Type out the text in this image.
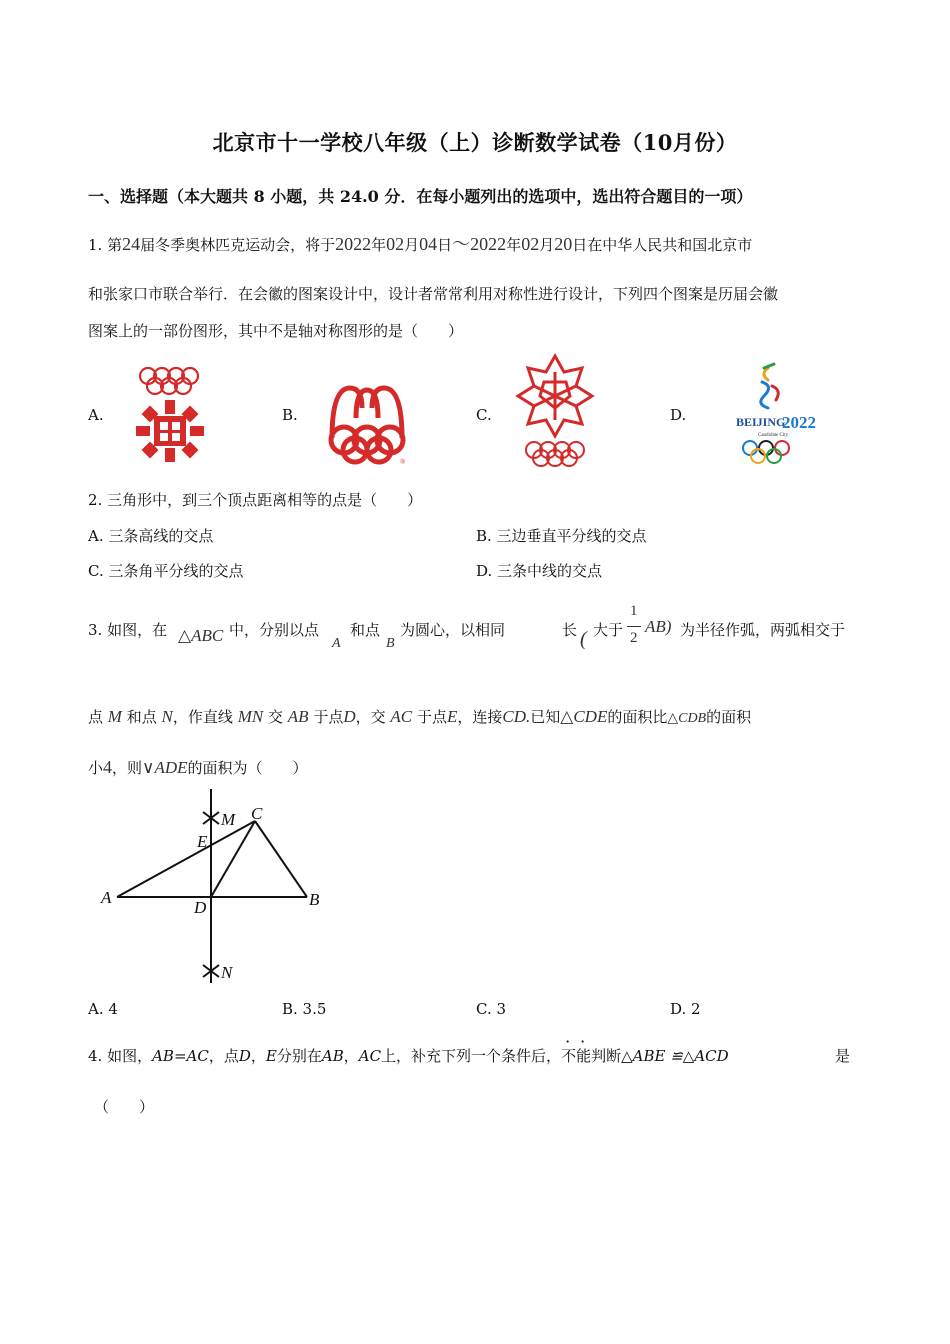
北京市十一学校八年级（上）诊断数学试卷（10月份）
一、选择题（本大题共 8 小题，共 24.0 分．在每小题列出的选项中，选出符合题目的一项）
1. 第24届冬季奥林匹克运动会，将于2022年02月04日～2022年02月20日在中华人民共和国北京市
和张家口市联合举行．在会徽的图案设计中，设计者常常利用对称性进行设计，下列四个图案是历届会徽
图案上的一部份图形，其中不是轴对称图形的是（　　）
A.	B.	C.	D.
®
BEIJING
2022
Candidate City
2. 三角形中，到三个顶点距离相等的点是（　　）
A. 三条高线的交点	B. 三边垂直平分线的交点
C. 三条角平分线的交点	D. 三条中线的交点
3. 如图，在 △ABC 中，分别以点
A
和点
B
为圆心，以相同	长 ( 大于
1
2
AB) 为半径作弧，两弧相交于
点 M 和点 N，作直线 MN 交 AB 于点D，交 AC 于点E，连接CD.已知△CDE的面积比△CDB的面积
小4，则∨ADE的面积为（　　）
A	B
C
D
E
M
N
A. 4	B. 3.5	C. 3	D. 2
4. 如图，AB=AC，点D，E分别在AB，AC上，补充下列一个条件后，不能判断△ABE ≌△ACD	是
（　　）
